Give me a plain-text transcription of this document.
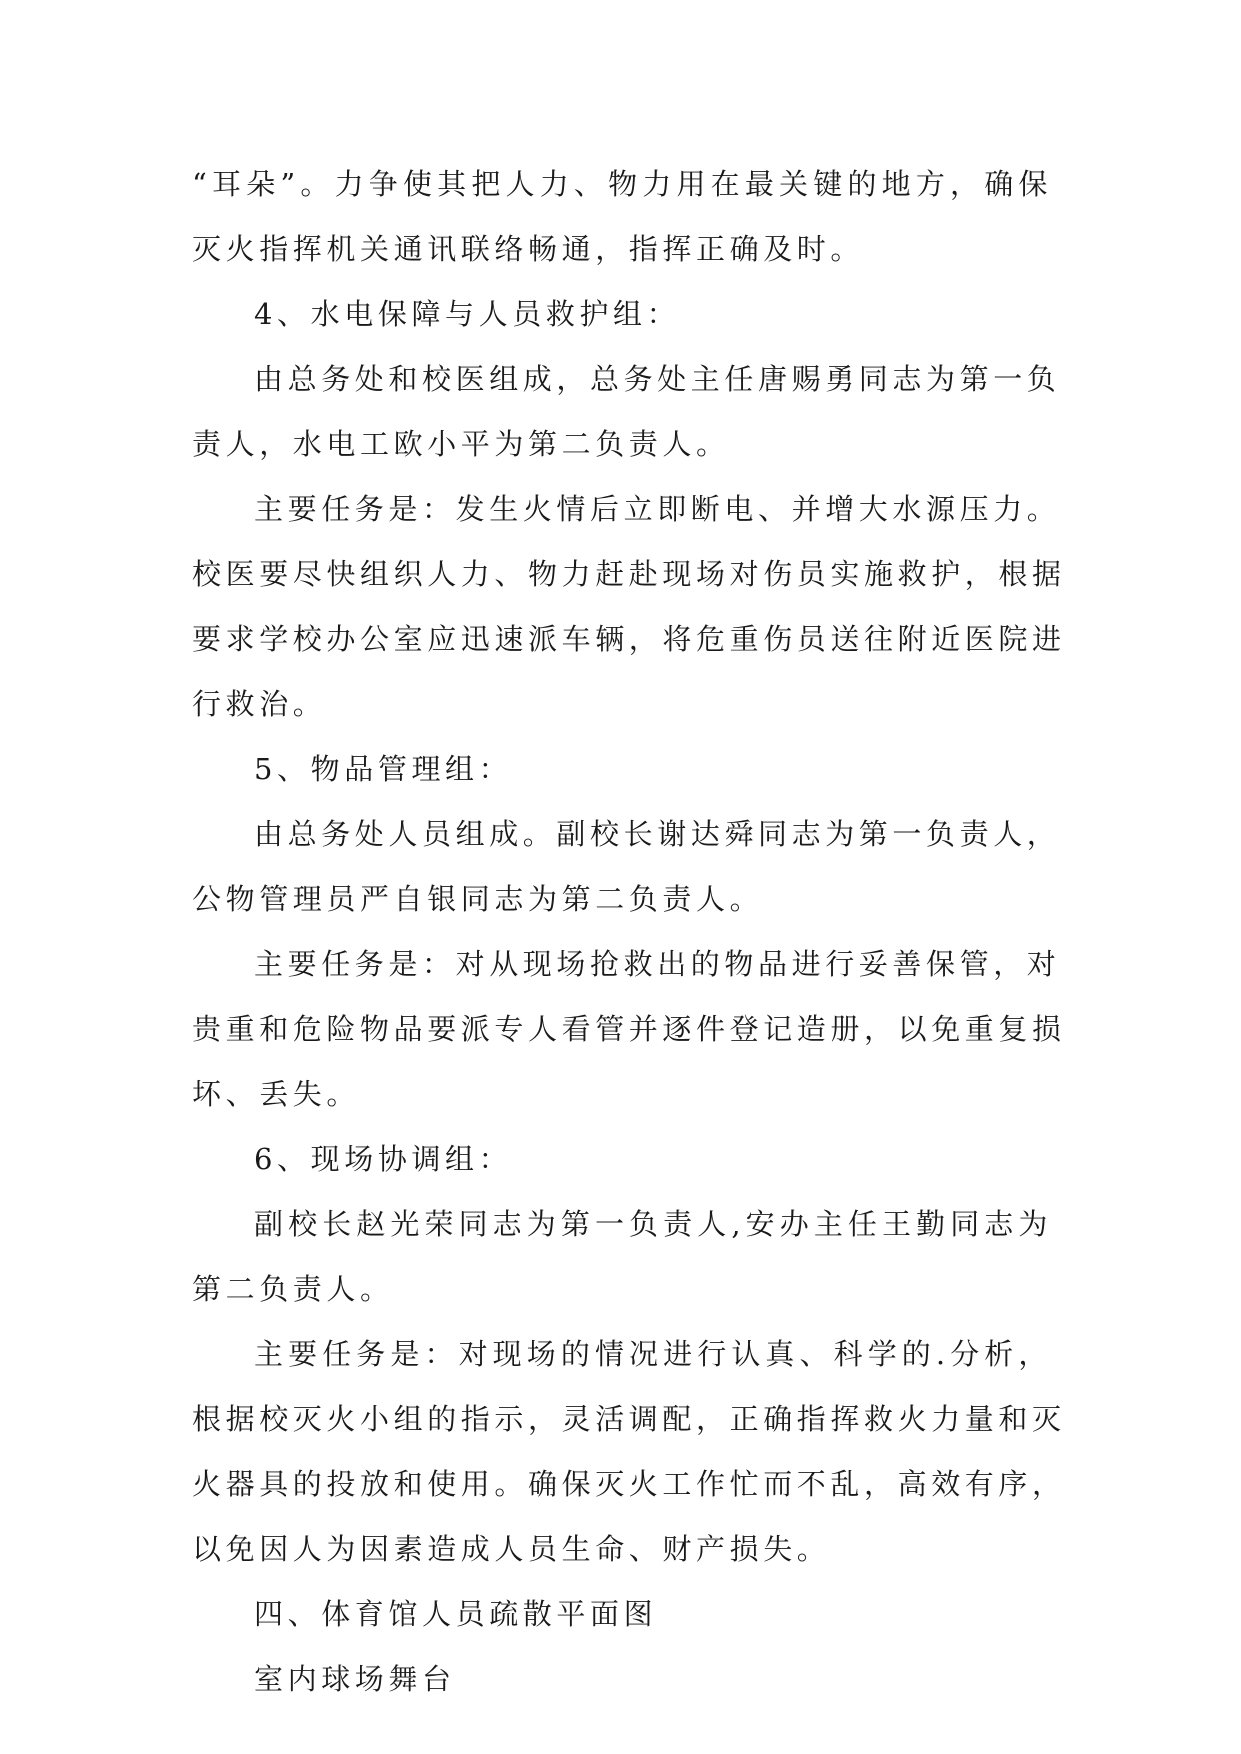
“耳朵”。力争使其把人力、物力用在最关键的地方，确保
灭火指挥机关通讯联络畅通，指挥正确及时。
4、水电保障与人员救护组：
由总务处和校医组成，总务处主任唐赐勇同志为第一负
责人，水电工欧小平为第二负责人。
主要任务是：发生火情后立即断电、并增大水源压力。
校医要尽快组织人力、物力赶赴现场对伤员实施救护，根据
要求学校办公室应迅速派车辆，将危重伤员送往附近医院进
行救治。
5、物品管理组：
由总务处人员组成。副校长谢达舜同志为第一负责人，
公物管理员严自银同志为第二负责人。
主要任务是：对从现场抢救出的物品进行妥善保管，对
贵重和危险物品要派专人看管并逐件登记造册，以免重复损
坏、丢失。
6、现场协调组：
副校长赵光荣同志为第一负责人,安办主任王勤同志为
第二负责人。
主要任务是：对现场的情况进行认真、科学的.分析，
根据校灭火小组的指示，灵活调配，正确指挥救火力量和灭
火器具的投放和使用。确保灭火工作忙而不乱，高效有序，
以免因人为因素造成人员生命、财产损失。
四、体育馆人员疏散平面图
室内球场舞台
